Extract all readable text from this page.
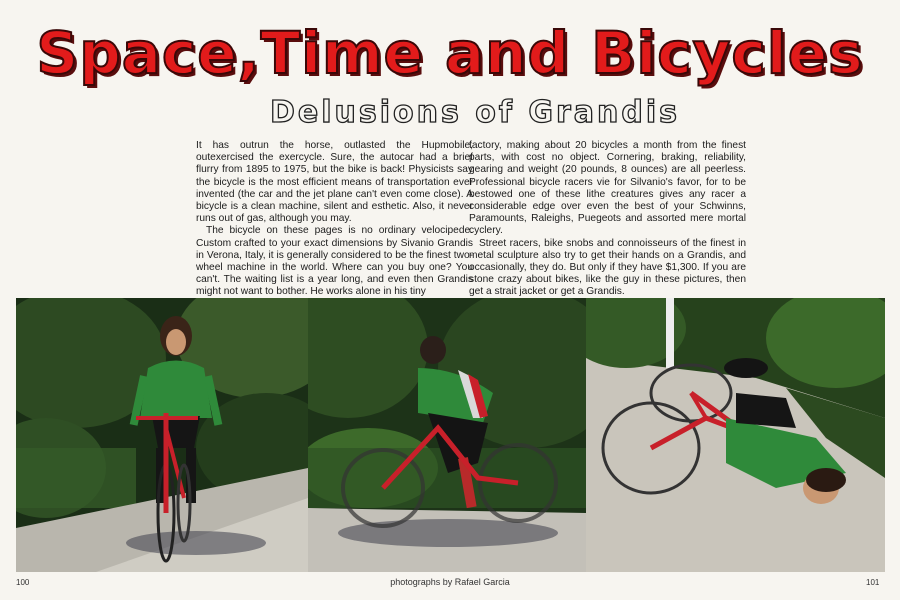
Space,Time and Bicycles
Delusions of Grandis

It has outrun the horse, outlasted the Hupmobile, outexercised the exercycle. Sure, the autocar had a brief flurry from 1895 to 1975, but the bike is back! Physicists say the bicycle is the most efficient means of transportation ever invented (the car and the jet plane can't even come close). A bicycle is a clean machine, silent and esthetic. Also, it never runs out of gas, although you may.

The bicycle on these pages is no ordinary velocipede. Custom crafted to your exact dimensions by Sivanio Grandis in Verona, Italy, it is generally considered to be the finest two-wheel machine in the world. Where can you buy one? You can't. The waiting list is a year long, and even then Grandis might not want to bother. He works alone in his tiny

factory, making about 20 bicycles a month from the finest parts, with cost no object. Cornering, braking, reliability, gearing and weight (20 pounds, 8 ounces) are all peerless. Professional bicycle racers vie for Silvanio's favor, for to be bestowed one of these lithe creatures gives any racer a considerable edge over even the best of your Schwinns, Paramounts, Raleighs, Puegeots and assorted mere mortal cyclery.

Street racers, bike snobs and connoisseurs of the finest in metal sculpture also try to get their hands on a Grandis, and occasionally, they do. But only if they have $1,300. If you are stone crazy about bikes, like the guy in these pictures, then get a strait jacket or get a Grandis.

100	photographs by Rafael Garcia	101
